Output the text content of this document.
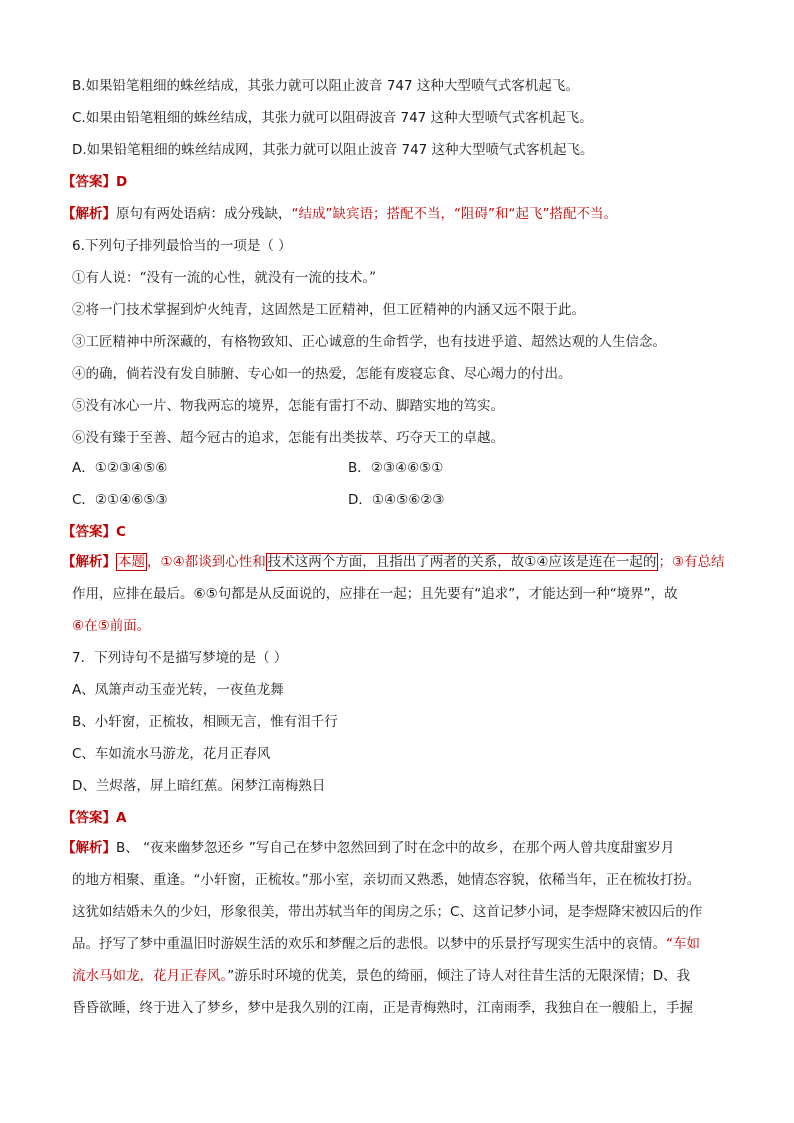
B.如果铅笔粗细的蛛丝结成，其张力就可以阻止波音 747 这种大型喷气式客机起飞。
C.如果由铅笔粗细的蛛丝结成，其张力就可以阻碍波音 747 这种大型喷气式客机起飞。
D.如果铅笔粗细的蛛丝结成网，其张力就可以阻止波音 747 这种大型喷气式客机起飞。
【答案】D
【解析】原句有两处语病：成分残缺，“结成”缺宾语；搭配不当，“阻碍”和“起飞”搭配不当。
6.下列句子排列最恰当的一项是（ ）
①有人说：“没有一流的心性，就没有一流的技术。”
②将一门技术掌握到炉火纯青，这固然是工匠精神，但工匠精神的内涵又远不限于此。
③工匠精神中所深藏的，有格物致知、正心诚意的生命哲学，也有技进乎道、超然达观的人生信念。
④的确，倘若没有发自肺腑、专心如一的热爱，怎能有废寝忘食、尽心竭力的付出。
⑤没有冰心一片、物我两忘的境界，怎能有雷打不动、脚踏实地的笃实。
⑥没有臻于至善、超今冠古的追求，怎能有出类拔萃、巧夺天工的卓越。
A．①②③④⑤⑥	B．②③④⑥⑤①
C．②①④⑥⑤③	D．①④⑤⑥②③
【答案】C
【解析】 本题 ，①④都谈到心性和 技术这两个方面，且指出了两者的关系，故①④应该是连在一起的 ；③有总结
作用，应排在最后。⑥⑤句都是从反面说的，应排在一起；且先要有“追求”，才能达到一种“境界”，故
⑥在⑤前面。
7．下列诗句不是描写梦境的是（ ）
A、凤箫声动玉壶光转，一夜鱼龙舞
B、小轩窗，正梳妆，相顾无言，惟有泪千行
C、车如流水马游龙，花月正春风
D、兰烬落，屏上暗红蕉。闲梦江南梅熟日
【答案】A
【解析】B、 “夜来幽梦忽还乡 ”写自己在梦中忽然回到了时在念中的故乡，在那个两人曾共度甜蜜岁月
的地方相聚、重逢。“小轩窗，正梳妆。”那小室，亲切而又熟悉，她情态容貌，依稀当年，正在梳妆打扮。
这犹如结婚未久的少妇，形象很美，带出苏轼当年的闺房之乐；C、这首记梦小词，是李煜降宋被囚后的作
品。抒写了梦中重温旧时游娱生活的欢乐和梦醒之后的悲恨。以梦中的乐景抒写现实生活中的哀情。“车如
流水马如龙，花月正春风。”游乐时环境的优美，景色的绮丽，倾注了诗人对往昔生活的无限深情；D、我
昏昏欲睡，终于进入了梦乡，梦中是我久别的江南，正是青梅熟时，江南雨季，我独自在一艘船上，手握
